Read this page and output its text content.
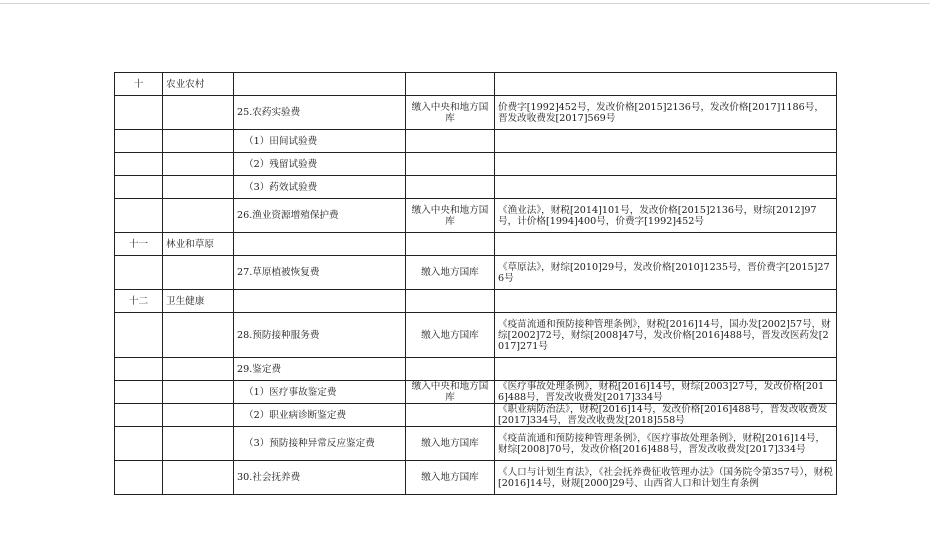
十	农业农村			
		25.农药实验费	缴入中央和地方国库	价费字[1992]452号，发改价格[2015]2136号，发改价格[2017]1186号，晋发改收费发[2017]569号
		（1）田间试验费		
		（2）残留试验费		
		（3）药效试验费		
		26.渔业资源增殖保护费	缴入中央和地方国库	《渔业法》，财税[2014]101号，发改价格[2015]2136号，财综[2012]97号，计价格[1994]400号，价费字[1992]452号
十一	林业和草原			
		27.草原植被恢复费	缴入地方国库	《草原法》，财综[2010]29号，发改价格[2010]1235号，晋价费字[2015]276号
十二	卫生健康			
		28.预防接种服务费	缴入地方国库	《疫苗流通和预防接种管理条例》，财税[2016]14号，国办发[2002]57号，财综[2002]72号，财综[2008]47号，发改价格[2016]488号，晋发改医药发[2017]271号
		29.鉴定费		
		（1）医疗事故鉴定费	缴入中央和地方国库	《医疗事故处理条例》，财税[2016]14号，财综[2003]27号，发改价格[2016]488号，晋发改收费发[2017]334号
		（2）职业病诊断鉴定费		《职业病防治法》，财税[2016]14号，发改价格[2016]488号，晋发改收费发[2017]334号，晋发改收费发[2018]558号
		（3）预防接种异常反应鉴定费	缴入地方国库	《疫苗流通和预防接种管理条例》，《医疗事故处理条例》，财税[2016]14号，财综[2008]70号，发改价格[2016]488号，晋发改收费发[2017]334号
		30.社会抚养费	缴入地方国库	《人口与计划生育法》，《社会抚养费征收管理办法》（国务院令第357号），财税[2016]14号，财规[2000]29号、山西省人口和计划生育条例
